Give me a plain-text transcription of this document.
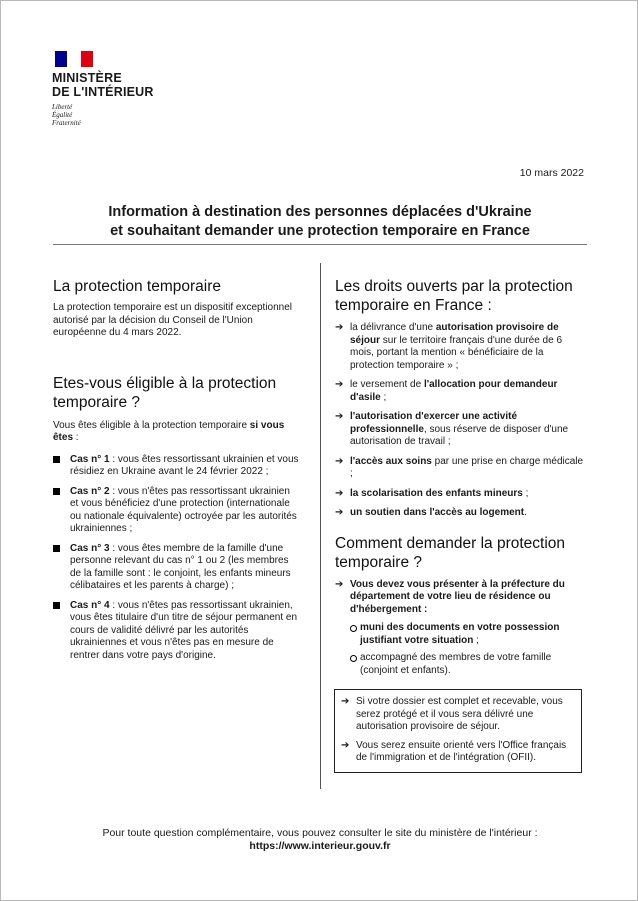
MINISTÈRE
DE L'INTÉRIEUR
Liberté
Égalité
Fraternité
10 mars 2022
Information à destination des personnes déplacées d'Ukraine
et souhaitant demander une protection temporaire en France
La protection temporaire

La protection temporaire est un dispositif exceptionnel autorisé par la décision du Conseil de l'Union européenne du 4 mars 2022.

Etes-vous éligible à la protection temporaire ?

Vous êtes éligible à la protection temporaire si vous êtes :

Cas n° 1 : vous êtes ressortissant ukrainien et vous résidiez en Ukraine avant le 24 février 2022 ;
Cas n° 2 : vous n'êtes pas ressortissant ukrainien et vous bénéficiez d'une protection (internationale ou nationale équivalente) octroyée par les autorités ukrainiennes ;
Cas n° 3 : vous êtes membre de la famille d'une personne relevant du cas n° 1 ou 2 (les membres de la famille sont : le conjoint, les enfants mineurs célibataires et les parents à charge) ;
Cas n° 4 : vous n'êtes pas ressortissant ukrainien, vous êtes titulaire d'un titre de séjour permanent en cours de validité délivré par les autorités ukrainiennes et vous n'êtes pas en mesure de rentrer dans votre pays d'origine.
Les droits ouverts par la protection temporaire en France :
➔ la délivrance d'une autorisation provisoire de séjour sur le territoire français d'une durée de 6 mois, portant la mention « bénéficiaire de la protection temporaire » ;
➔ le versement de l'allocation pour demandeur d'asile ;
➔ l'autorisation d'exercer une activité professionnelle, sous réserve de disposer d'une autorisation de travail ;
➔ l'accès aux soins par une prise en charge médicale ;
➔ la scolarisation des enfants mineurs ;
➔ un soutien dans l'accès au logement.
Comment demander la protection temporaire ?
➔ Vous devez vous présenter à la préfecture du département de votre lieu de résidence ou d'hébergement :
muni des documents en votre possession justifiant votre situation ;
accompagné des membres de votre famille (conjoint et enfants).
➔ Si votre dossier est complet et recevable, vous serez protégé et il vous sera délivré une autorisation provisoire de séjour.
➔ Vous serez ensuite orienté vers l'Office français de l'immigration et de l'intégration (OFII).
Pour toute question complémentaire, vous pouvez consulter le site du ministère de l'intérieur :
https://www.interieur.gouv.fr
